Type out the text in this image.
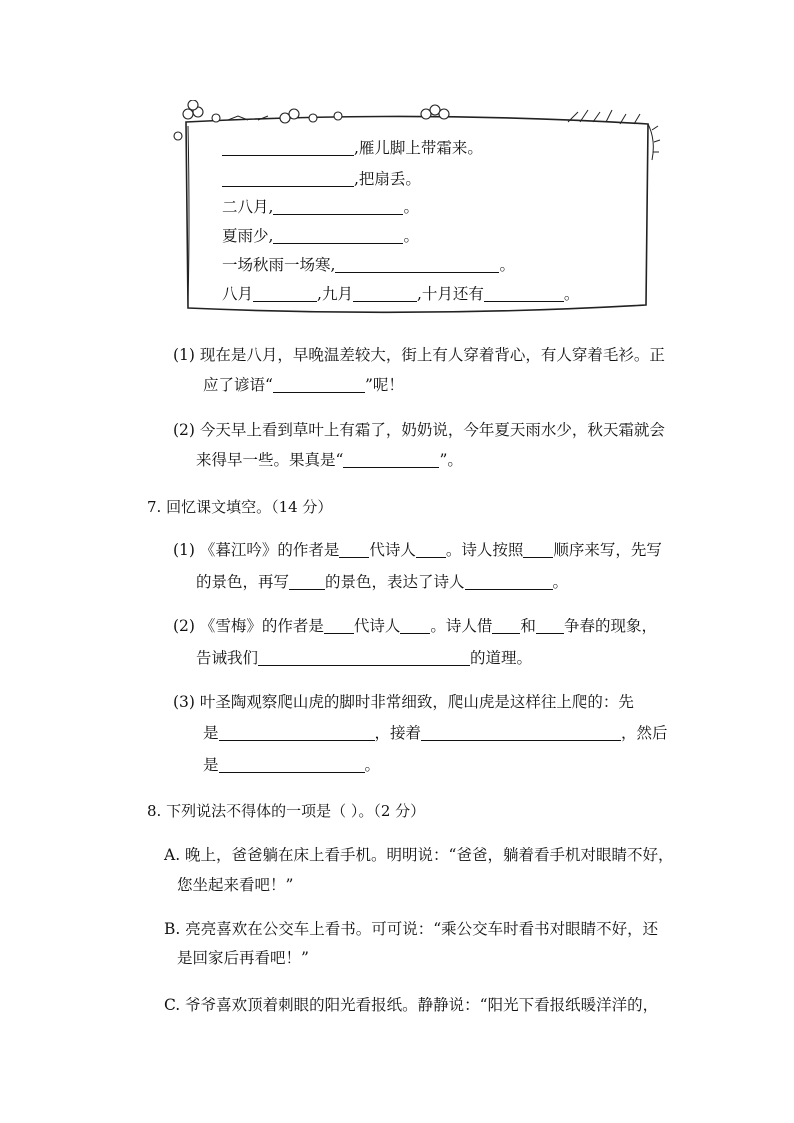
,雁儿脚上带霜来。
,把扇丢。
二八月,	。
夏雨少,	。
一场秋雨一场寒,	。
八月	,九月	,十月还有	。
(1) 现在是八月，早晚温差较大，街上有人穿着背心，有人穿着毛衫。正
应了谚语“	”呢！
(2) 今天早上看到草叶上有霜了，奶奶说，今年夏天雨水少，秋天霜就会
来得早一些。果真是“	”。
7. 回忆课文填空。（14 分）
(1) 《暮江吟》的作者是 代诗人 。诗人按照 顺序来写，先写
的景色，再写 的景色，表达了诗人	。
(2) 《雪梅》的作者是 代诗人 。诗人借 和 争春的现象，
告诫我们	的道理。
(3) 叶圣陶观察爬山虎的脚时非常细致，爬山虎是这样往上爬的：先
是	，接着	，然后
是	。
8. 下列说法不得体的一项是（ ）。（2 分）
A. 晚上，爸爸躺在床上看手机。明明说：“爸爸，躺着看手机对眼睛不好，
您坐起来看吧！”
B. 亮亮喜欢在公交车上看书。可可说：“乘公交车时看书对眼睛不好，还
是回家后再看吧！”
C. 爷爷喜欢顶着刺眼的阳光看报纸。静静说：“阳光下看报纸暖洋洋的，
